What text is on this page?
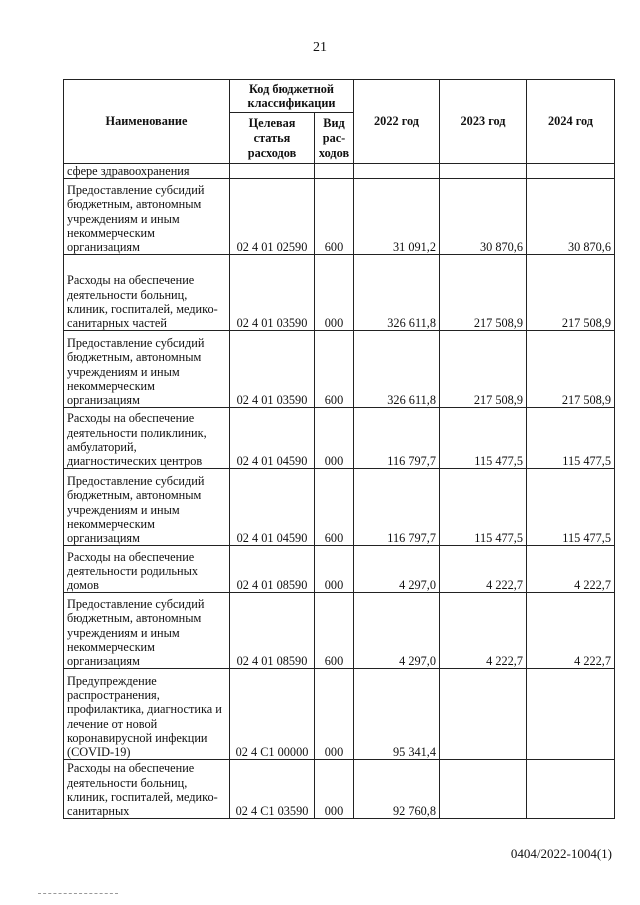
21
Наименование	Код бюджетной классификации		2022 год	2023 год	2024 год
	Целевая статья расходов	Вид рас-ходов			
сфере здравоохранения					
Предоставление субсидий бюджетным, автономным учреждениям и иным некоммерческим организациям	02 4 01 02590	600	31 091,2	30 870,6	30 870,6
Расходы на обеспечение деятельности больниц, клиник, госпиталей, медико-санитарных частей	02 4 01 03590	000	326 611,8	217 508,9	217 508,9
Предоставление субсидий бюджетным, автономным учреждениям и иным некоммерческим организациям	02 4 01 03590	600	326 611,8	217 508,9	217 508,9
Расходы на обеспечение деятельности поликлиник, амбулаторий, диагностических центров	02 4 01 04590	000	116 797,7	115 477,5	115 477,5
Предоставление субсидий бюджетным, автономным учреждениям и иным некоммерческим организациям	02 4 01 04590	600	116 797,7	115 477,5	115 477,5
Расходы на обеспечение деятельности родильных домов	02 4 01 08590	000	4 297,0	4 222,7	4 222,7
Предоставление субсидий бюджетным, автономным учреждениям и иным некоммерческим организациям	02 4 01 08590	600	4 297,0	4 222,7	4 222,7
Предупреждение распространения, профилактика, диагностика и лечение от новой коронавирусной инфекции (COVID-19)	02 4 С1 00000	000	95 341,4		
Расходы на обеспечение деятельности больниц, клиник, госпиталей, медико-санитарных	02 4 С1 03590	000	92 760,8		
0404/2022-1004(1)
